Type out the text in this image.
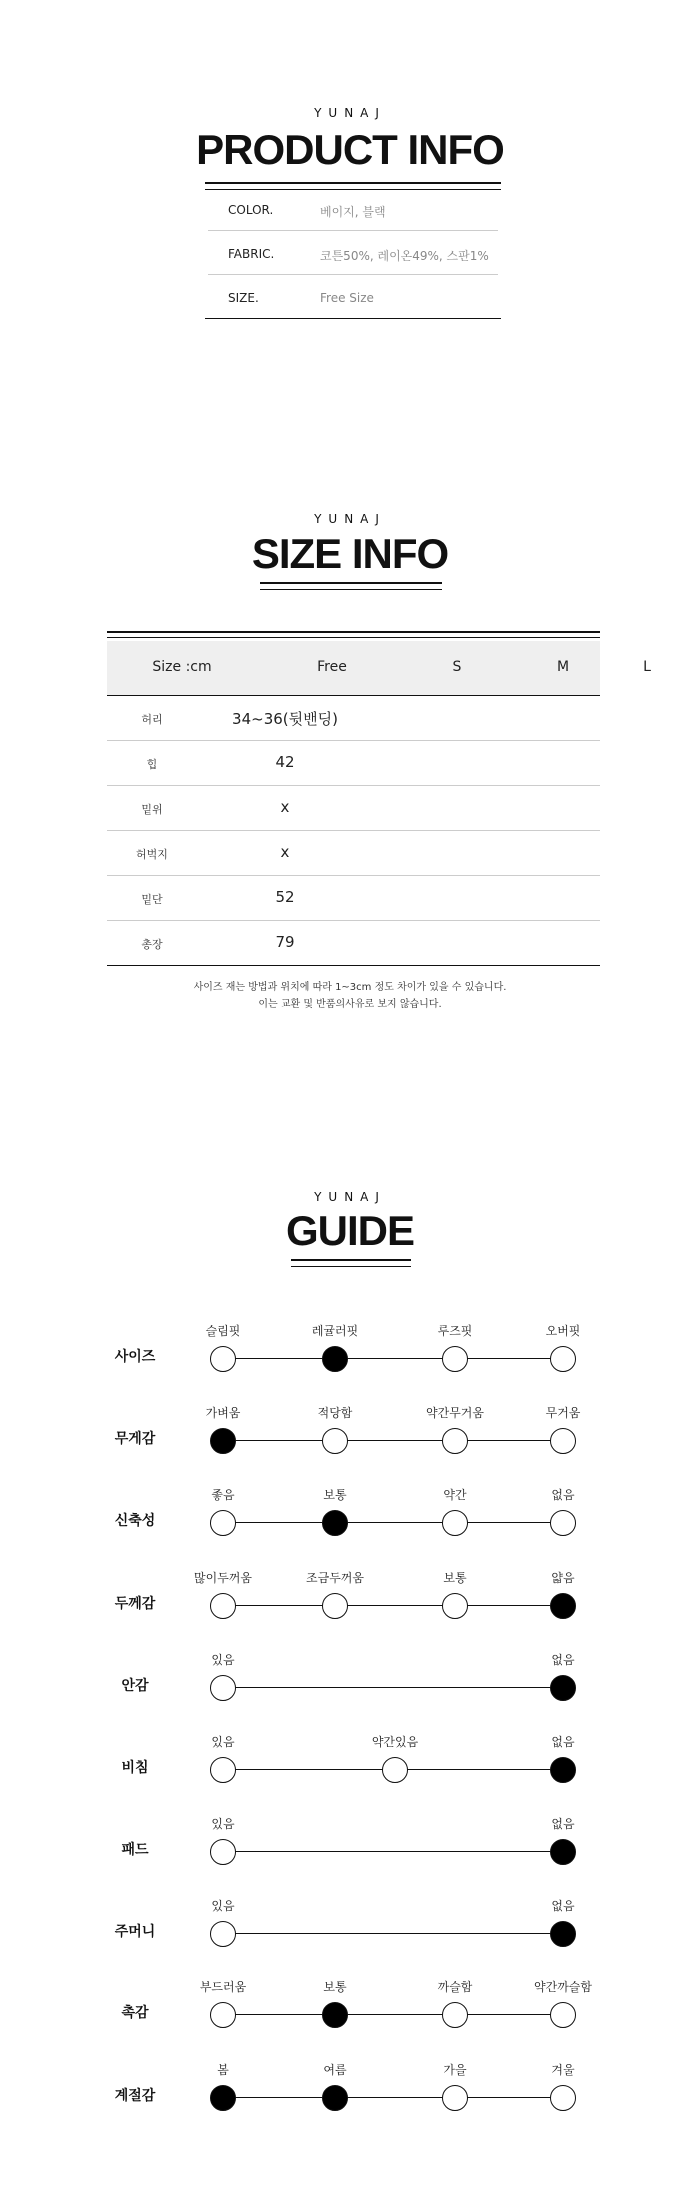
YUNAJ
PRODUCT INFO
COLOR.	베이지, 블랙
FABRIC.	코튼50%, 레이온49%, 스판1%
SIZE.	Free Size
YUNAJ
SIZE INFO
Size :cm	Free	S	M	L
허리	34~36(뒷밴딩)
힙	42
밑위	x
허벅지	x
밑단	52
총장	79
사이즈 재는 방법과 위치에 따라 1~3cm 정도 차이가 있을 수 있습니다.
이는 교환 및 반품의사유로 보지 않습니다.
YUNAJ
GUIDE
사이즈
슬림핏	레귤러핏	루즈핏	오버핏
무게감
가벼움	적당함	약간무거움	무거움
신축성
좋음	보통	약간	없음
두께감
많이두꺼움	조금두꺼움	보통	얇음
안감
있음	없음
비침
있음	약간있음	없음
패드
있음	없음
주머니
있음	없음
촉감
부드러움	보통	까슬함	약간까슬함
계절감
봄	여름	가을	겨울
